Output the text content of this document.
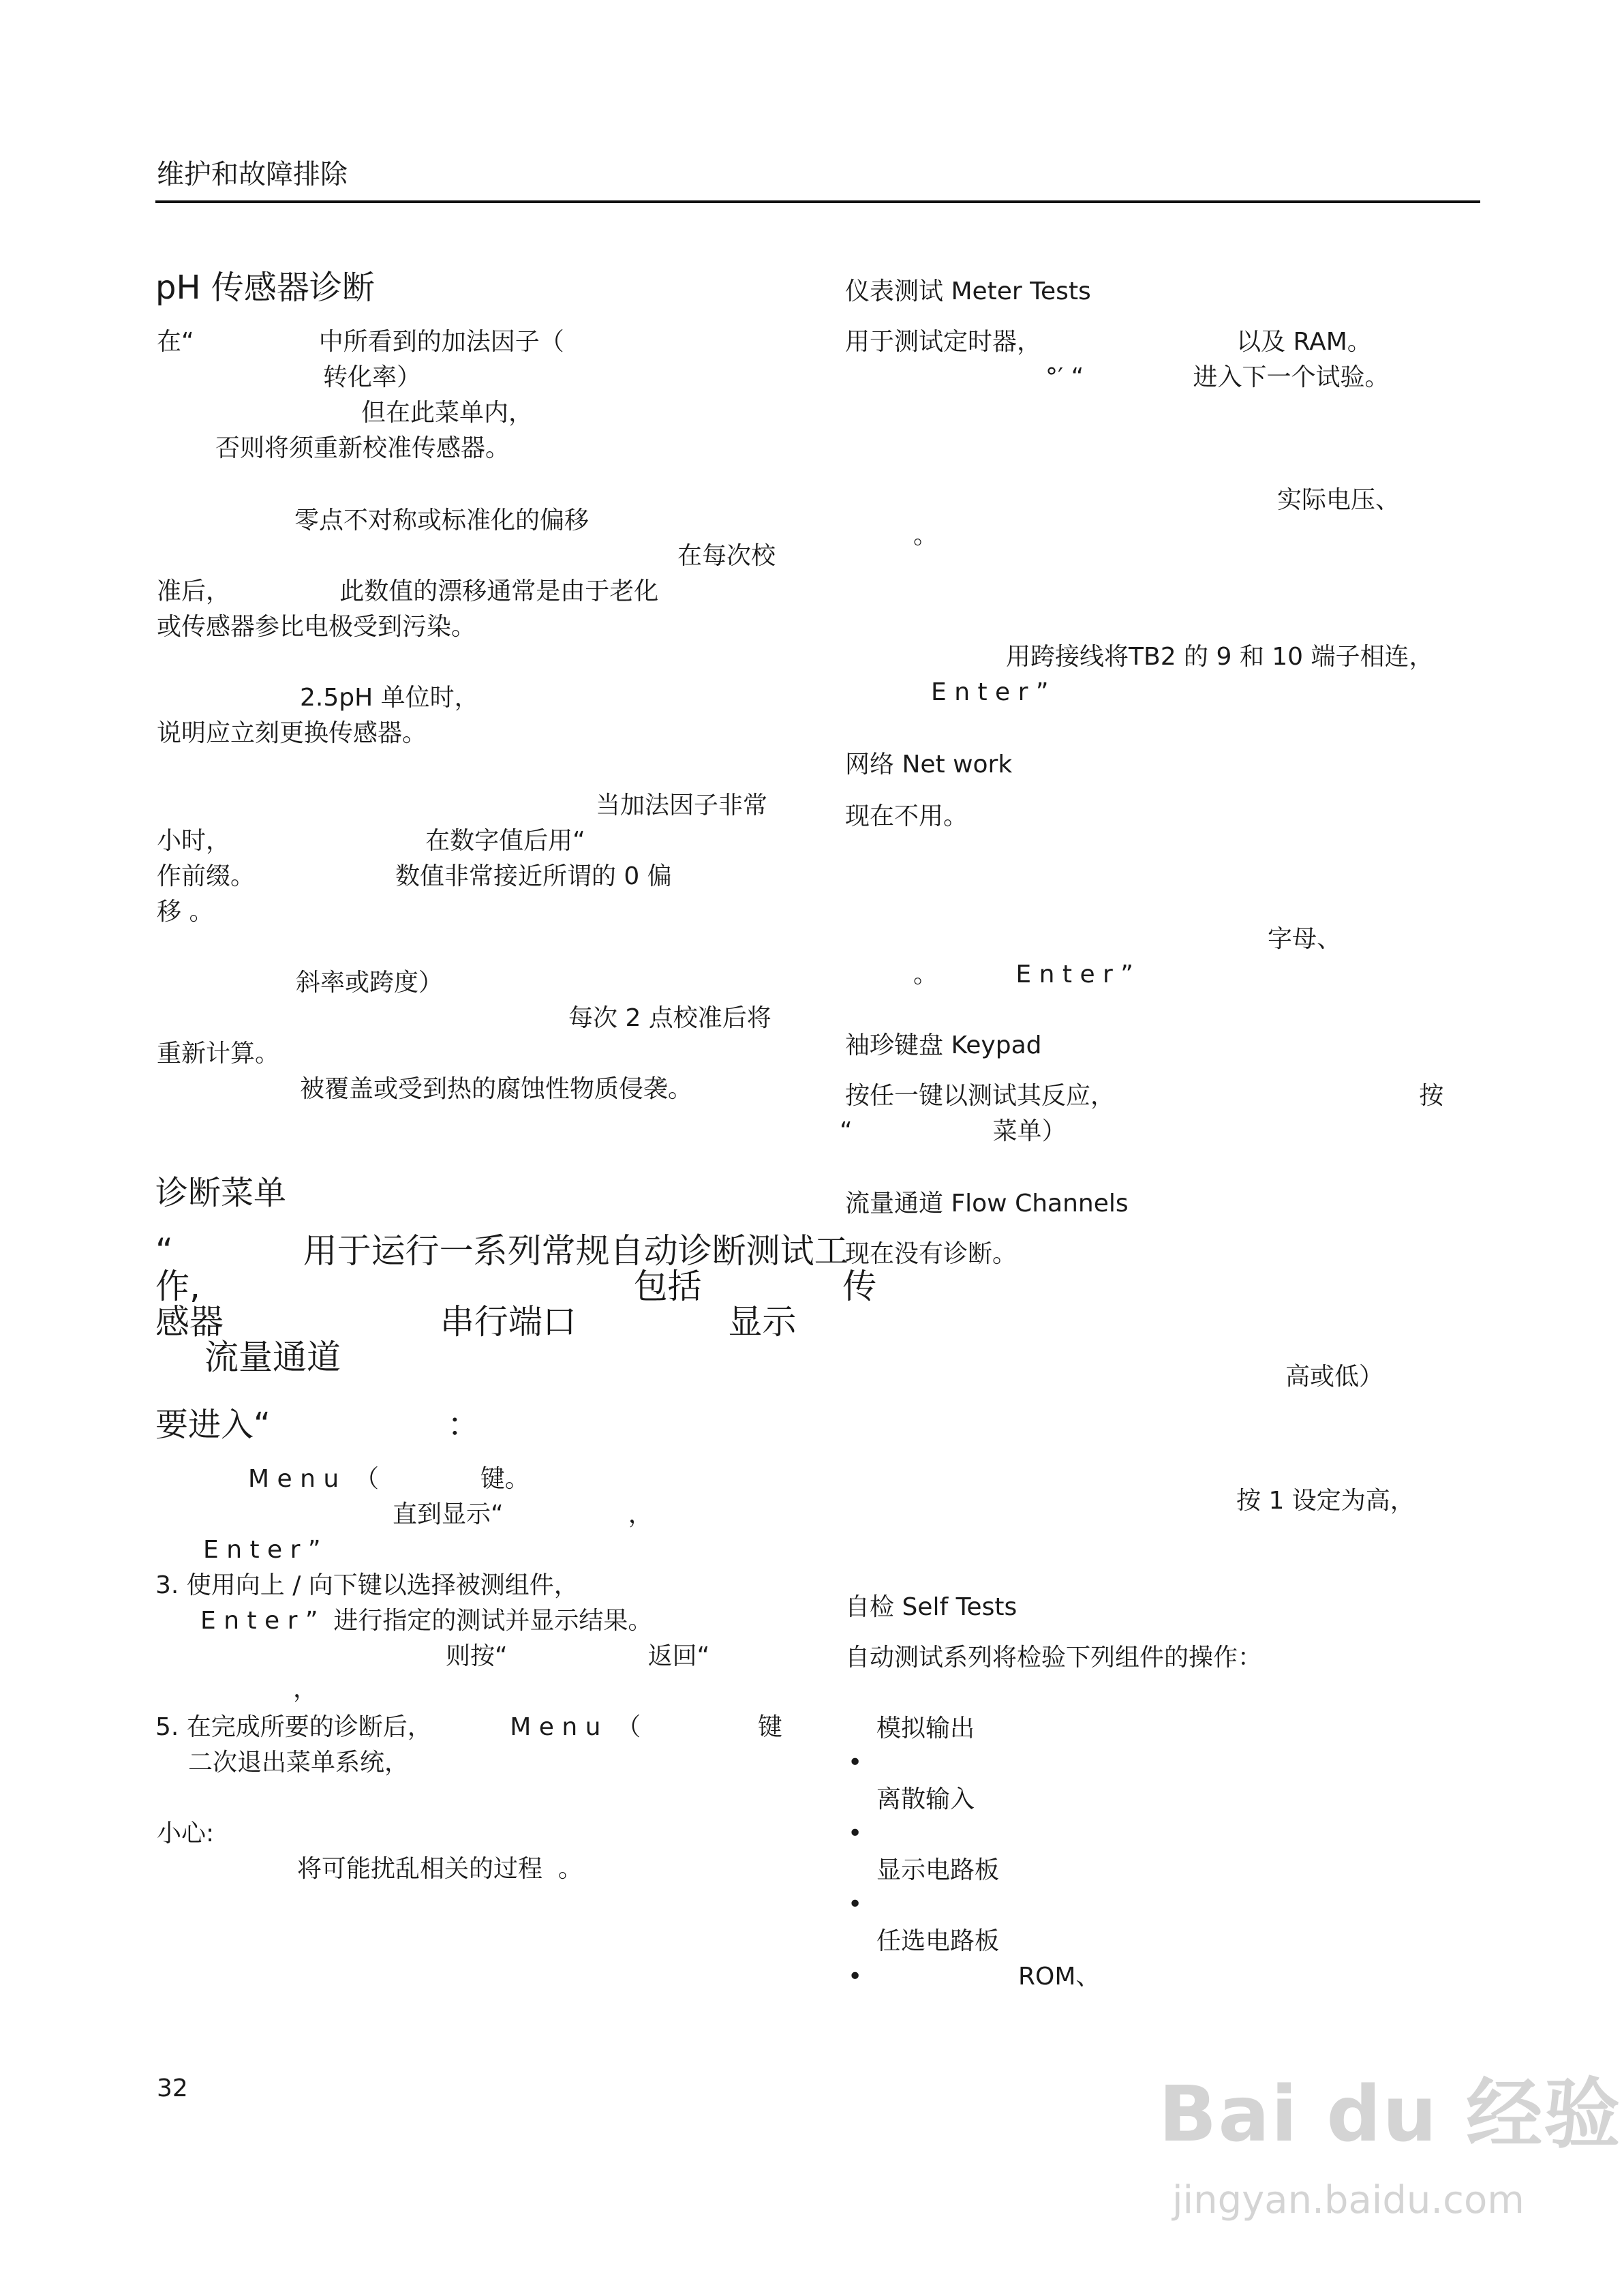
维护和故障排除
pH 传感器诊断
在“                中所看到的加法因子（
转化率）
但在此菜单内，
否则将须重新校准传感器。
零点不对称或标准化的偏移
在每次校
准后，              此数值的漂移通常是由于老化
或传感器参比电极受到污染。
2.5pH 单位时，
说明应立刻更换传感器。
当加法因子非常
小时，                         在数字值后用“
作前缀。                  数值非常接近所谓的 0 偏
移 。
斜率或跨度）
每次 2 点校准后将
重新计算。
被覆盖或受到热的腐蚀性物质侵袭。
诊断菜单
“            用于运行一系列常规自动诊断测试工
作,                                        包括             传
感器                    串行端口              显示
流量通道
要进入“                 ：
M e n u  （             键。
直到显示“                ，
E n t e r ”
3. 使用向上 / 向下键以选择被测组件，
E n t e r ”  进行指定的测试并显示结果。
则按“                  返回“
，
5. 在完成所要的诊断后，          M e n u  （               键
二次退出菜单系统，
小心:
将可能扰乱相关的过程  。
32
仪表测试 Meter Tests
用于测试定时器，                         以及 RAM。
°′ “              进入下一个试验。
实际电压、
。
用跨接线将TB2 的 9 和 10 端子相连，
E n t e r ”
网络 Net work
现在不用。
字母、
。          E n t e r ”
袖珍键盘 Keypad
按任一键以测试其反应，                                       按
“                  菜单）
流量通道 Flow Channels
现在没有诊断。
高或低）
按 1 设定为高，
自检 Self Tests
自动测试系列将检验下列组件的操作：
模拟输出
•
离散输入
•
显示电路板
•
任选电路板
•	ROM、
Bai du 经验
jingyan.baidu.com
